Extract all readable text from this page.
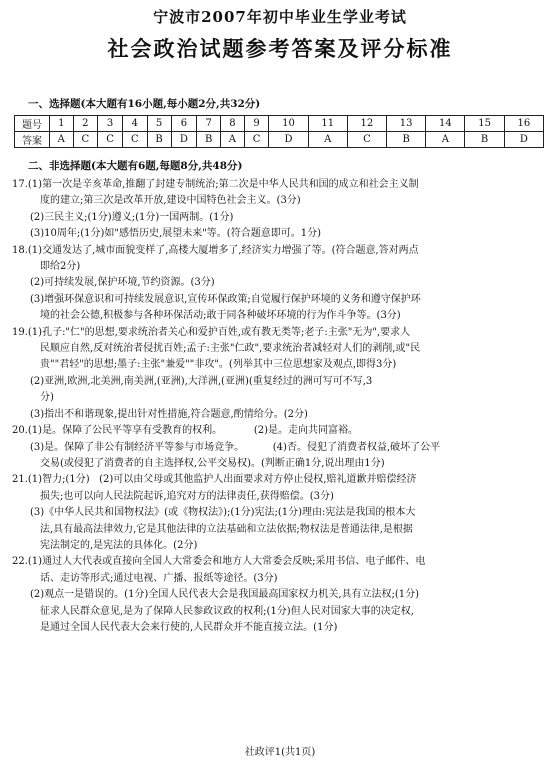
宁波市2007年初中毕业生学业考试
社会政治试题参考答案及评分标准
一、选择题(本大题有16小题,每小题2分,共32分)
题号	1	2	3	4	5	6	7	8	9	10	11	12	13	14	15	16
答案	A	C	C	C	B	D	B	A	C	D	A	C	B	A	B	D
二、非选择题(本大题有6题,每题8分,共48分)
17.(1)第一次是辛亥革命,推翻了封建专制统治;第二次是中华人民共和国的成立和社会主义制
度的建立;第三次是改革开放,建设中国特色社会主义。(3分)
(2)三民主义;(1分)遵义;(1分)一国两制。(1分)
(3)10周年;(1分)如"感悟历史,展望未来"等。(符合题意即可。1分)
18.(1)交通发达了,城市面貌变样了,高楼大厦增多了,经济实力增强了等。(符合题意,答对两点
即给2分)
(2)可持续发展,保护环境,节约资源。(3分)
(3)增强环保意识和可持续发展意识,宣传环保政策;自觉履行保护环境的义务和遵守保护环
境的社会公德,积极参与各种环保活动;敢于同各种破坏环境的行为作斗争等。(3分)
19.(1)孔子:"仁"的思想,要求统治者关心和爱护百姓,或有教无类等;老子:主张"无为",要求人
民顺应自然,反对统治者侵扰百姓;孟子:主张"仁政",要求统治者减轻对人们的剥削,或"民
贵""君轻"的思想;墨子:主张"兼爱""非攻"。(列举其中三位思想家及观点,即得3分)
(2)亚洲,欧洲,北美洲,南美洲,(亚洲),大洋洲,(亚洲)(重复经过的洲可写可不写,3
分)
(3)指出不和谐现象,提出针对性措施,符合题意,酌情给分。(2分)
20.(1)是。保障了公民平等享有受教育的权利。          (2)是。走向共同富裕。
(3)是。保障了非公有制经济平等参与市场竞争。         (4)否。侵犯了消费者权益,破坏了公平
交易(或侵犯了消费者的自主选择权,公平交易权)。(判断正确1分,说出理由1分)
21.(1)智力;(1分)   (2)可以由父母或其他监护人出面要求对方停止侵权,赔礼道歉并赔偿经济
损失;也可以向人民法院起诉,追究对方的法律责任,获得赔偿。(3分)
(3)《中华人民共和国物权法》(或《物权法》);(1分)宪法;(1分)理由:宪法是我国的根本大
法,具有最高法律效力,它是其他法律的立法基础和立法依据;物权法是普通法律,是根据
宪法制定的,是宪法的具体化。(2分)
22.(1)通过人大代表或直接向全国人大常委会和地方人大常委会反映;采用书信、电子邮件、电
话、走访等形式;通过电视、广播、报纸等途径。(3分)
(2)观点一是错误的。(1分)全国人民代表大会是我国最高国家权力机关,具有立法权;(1分)
征求人民群众意见,是为了保障人民参政议政的权利;(1分)但人民对国家大事的决定权,
是通过全国人民代表大会来行使的,人民群众并不能直接立法。(1分)
社政评1(共1页)
